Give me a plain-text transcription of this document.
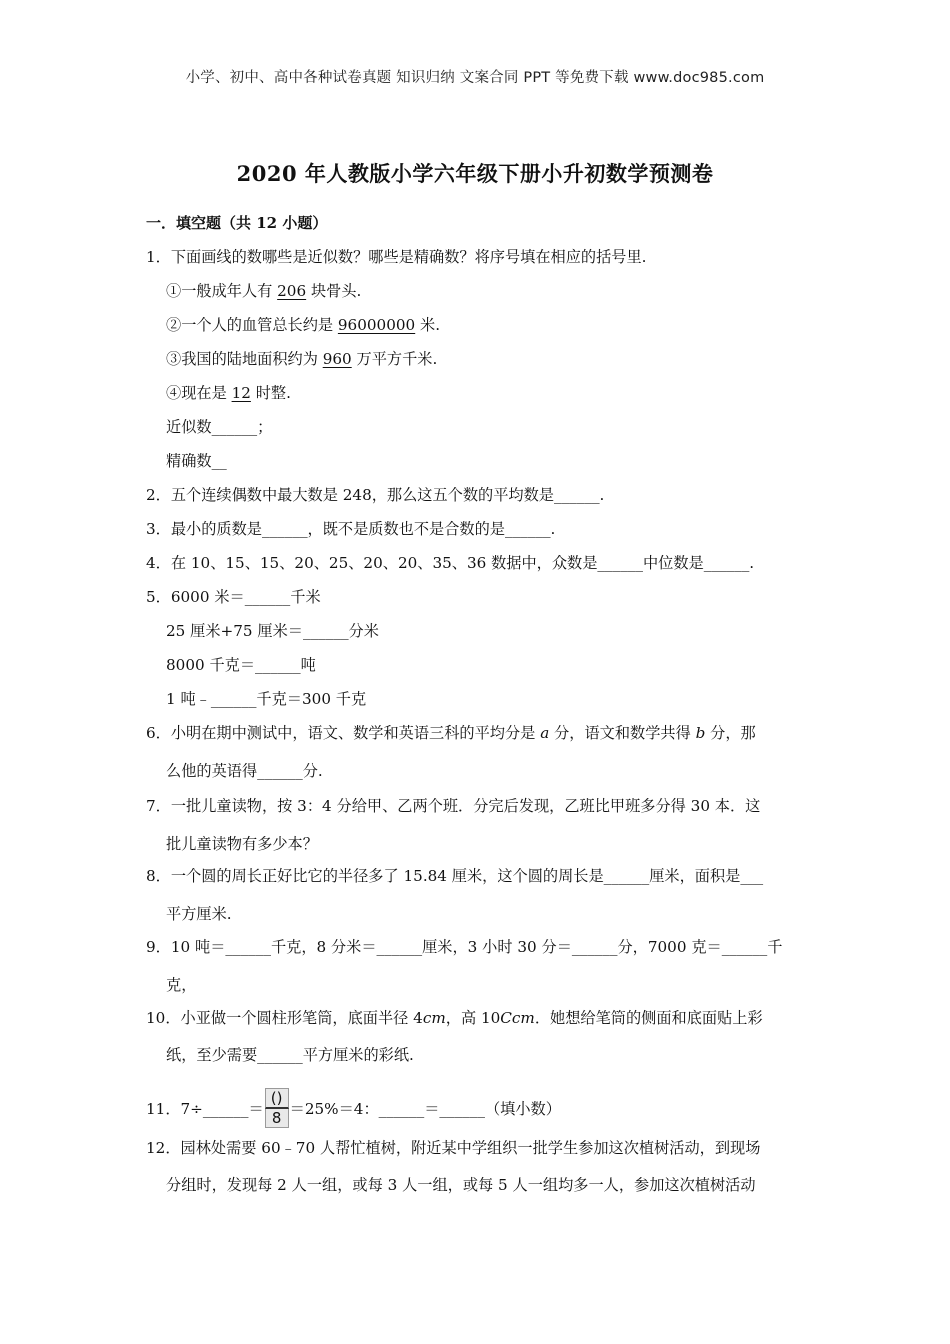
小学、初中、高中各种试卷真题 知识归纳 文案合同 PPT 等免费下载 www.doc985.com
2020 年人教版小学六年级下册小升初数学预测卷
一．填空题（共 12 小题）
1．下面画线的数哪些是近似数？哪些是精确数？将序号填在相应的括号里.
①一般成年人有 206 块骨头.
②一个人的血管总长约是 96000000 米.
③我国的陆地面积约为 960 万平方千米.
④现在是 12 时整.
近似数______；
精确数__
2．五个连续偶数中最大数是 248，那么这五个数的平均数是______.
3．最小的质数是______，既不是质数也不是合数的是______.
4．在 10、15、15、20、25、20、20、35、36 数据中，众数是______中位数是______.
5．6000 米＝______千米
25 厘米+75 厘米＝______分米
8000 千克＝______吨
1 吨﹣______千克＝300 千克
6．小明在期中测试中，语文、数学和英语三科的平均分是 a 分，语文和数学共得 b 分，那
么他的英语得______分.
7．一批儿童读物，按 3：4 分给甲、乙两个班．分完后发现，乙班比甲班多分得 30 本．这
批儿童读物有多少本？
8．一个圆的周长正好比它的半径多了 15.84 厘米，这个圆的周长是______厘米，面积是___
平方厘米.
9．10 吨＝______千克，8 分米＝______厘米，3 小时 30 分＝______分，7000 克＝______千
克，
10．小亚做一个圆柱形笔筒，底面半径 4cm，高 10Ccm．她想给笔筒的侧面和底面贴上彩
纸，至少需要______平方厘米的彩纸.
11．7÷______＝ $\frac{()}{8} =25\%=4$：______＝______（填小数）
12．园林处需要 60﹣70 人帮忙植树，附近某中学组织一批学生参加这次植树活动，到现场
分组时，发现每 2 人一组，或每 3 人一组，或每 5 人一组均多一人，参加这次植树活动
